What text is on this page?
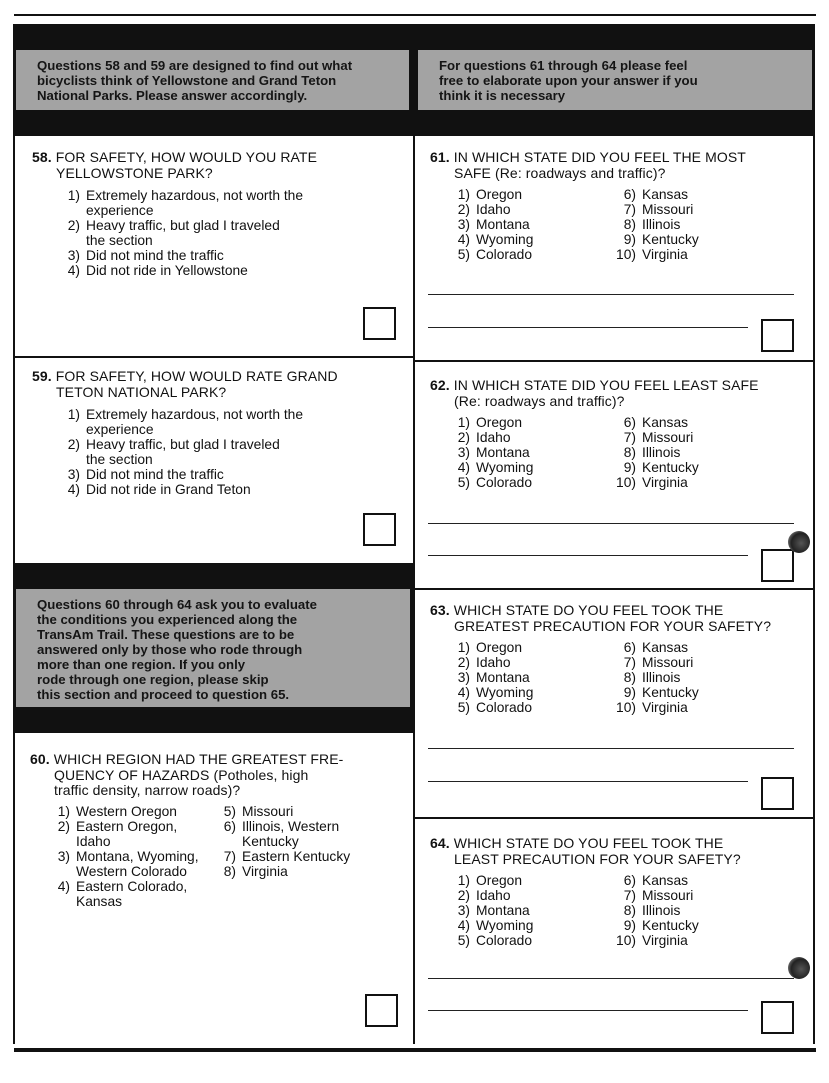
Questions 58 and 59 are designed to find out what
bicyclists think of Yellowstone and Grand Teton
National Parks. Please answer accordingly.
For questions 61 through 64 please feel
free to elaborate upon your answer if you
think it is necessary
58. FOR SAFETY, HOW WOULD YOU RATE
YELLOWSTONE PARK?
1) Extremely hazardous, not worth the
experience
2) Heavy traffic, but glad I traveled
the section
3) Did not mind the traffic
4) Did not ride in Yellowstone
59. FOR SAFETY, HOW WOULD RATE GRAND
TETON NATIONAL PARK?
1) Extremely hazardous, not worth the
experience
2) Heavy traffic, but glad I traveled
the section
3) Did not mind the traffic
4) Did not ride in Grand Teton
Questions 60 through 64 ask you to evaluate
the conditions you experienced along the
TransAm Trail. These questions are to be
answered only by those who rode through
more than one region. If you only
rode through one region, please skip
this section and proceed to question 65.
60. WHICH REGION HAD THE GREATEST FRE-
QUENCY OF HAZARDS (Potholes, high
traffic density, narrow roads)?
1) Western Oregon
2) Eastern Oregon,
Idaho
3) Montana, Wyoming,
Western Colorado
4) Eastern Colorado,
Kansas
5) Missouri
6) Illinois, Western
Kentucky
7) Eastern Kentucky
8) Virginia
61. IN WHICH STATE DID YOU FEEL THE MOST
SAFE (Re: roadways and traffic)?
1) Oregon
2) Idaho
3) Montana
4) Wyoming
5) Colorado
6) Kansas
7) Missouri
8) Illinois
9) Kentucky
10) Virginia
62. IN WHICH STATE DID YOU FEEL LEAST SAFE
(Re: roadways and traffic)?
1) Oregon
2) Idaho
3) Montana
4) Wyoming
5) Colorado
6) Kansas
7) Missouri
8) Illinois
9) Kentucky
10) Virginia
63. WHICH STATE DO YOU FEEL TOOK THE
GREATEST PRECAUTION FOR YOUR SAFETY?
1) Oregon
2) Idaho
3) Montana
4) Wyoming
5) Colorado
6) Kansas
7) Missouri
8) Illinois
9) Kentucky
10) Virginia
64. WHICH STATE DO YOU FEEL TOOK THE
LEAST PRECAUTION FOR YOUR SAFETY?
1) Oregon
2) Idaho
3) Montana
4) Wyoming
5) Colorado
6) Kansas
7) Missouri
8) Illinois
9) Kentucky
10) Virginia
